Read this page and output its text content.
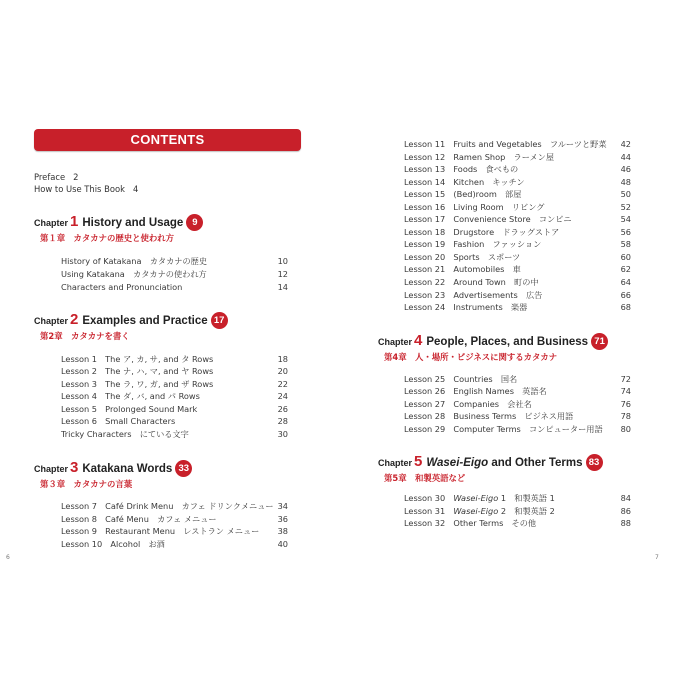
CONTENTS
Preface 2
How to Use This Book 4
Chapter 1 History and Usage 9
第１章　カタカナの歴史と使われ方
History of Katakana　カタカナの歴史	10
Using Katakana　カタカナの使われ方	12
Characters and Pronunciation	14
Chapter 2 Examples and Practice 17
第2章　カタカナを書く
Lesson 1　The ア, カ, サ, and タ Rows	18
Lesson 2　The ナ, ハ, マ, and ヤ Rows	20
Lesson 3　The ラ, ワ, ガ, and ザ Rows	22
Lesson 4　The ダ, バ, and パ Rows	24
Lesson 5　Prolonged Sound Mark	26
Lesson 6　Small Characters	28
Tricky Characters　にている文字	30
Chapter 3 Katakana Words 33
第３章　カタカナの言葉
Lesson 7　Café Drink Menu　カフェ ドリンクメニュー 34
Lesson 8　Café Menu　カフェ メニュー	36
Lesson 9　Restaurant Menu　レストラン メニュー 38
Lesson 10　Alcohol　お酒	40
6
Lesson 11　Fruits and Vegetables　フルーツと野菜 42
Lesson 12　Ramen Shop　ラーメン屋	44
Lesson 13　Foods　食べもの	46
Lesson 14　Kitchen　キッチン	48
Lesson 15　(Bed)room　部屋	50
Lesson 16　Living Room　リビング	52
Lesson 17　Convenience Store　コンビニ	54
Lesson 18　Drugstore　ドラッグストア	56
Lesson 19　Fashion　ファッション	58
Lesson 20　Sports　スポーツ	60
Lesson 21　Automobiles　車	62
Lesson 22　Around Town　町の中	64
Lesson 23　Advertisements　広告	66
Lesson 24　Instruments　楽器	68
Chapter 4 People, Places, and Business 71
第4章　人・場所・ビジネスに関するカタカナ
Lesson 25　Countries　国名	72
Lesson 26　English Names　英語名	74
Lesson 27　Companies　会社名	76
Lesson 28　Business Terms　ビジネス用語	78
Lesson 29　Computer Terms　コンピューター用語 80
Chapter 5 Wasei-Eigo and Other Terms 83
第5章　和製英語など
Lesson 30　Wasei-Eigo 1　和製英語 1	84
Lesson 31　Wasei-Eigo 2　和製英語 2	86
Lesson 32　Other Terms　その他	88
7
